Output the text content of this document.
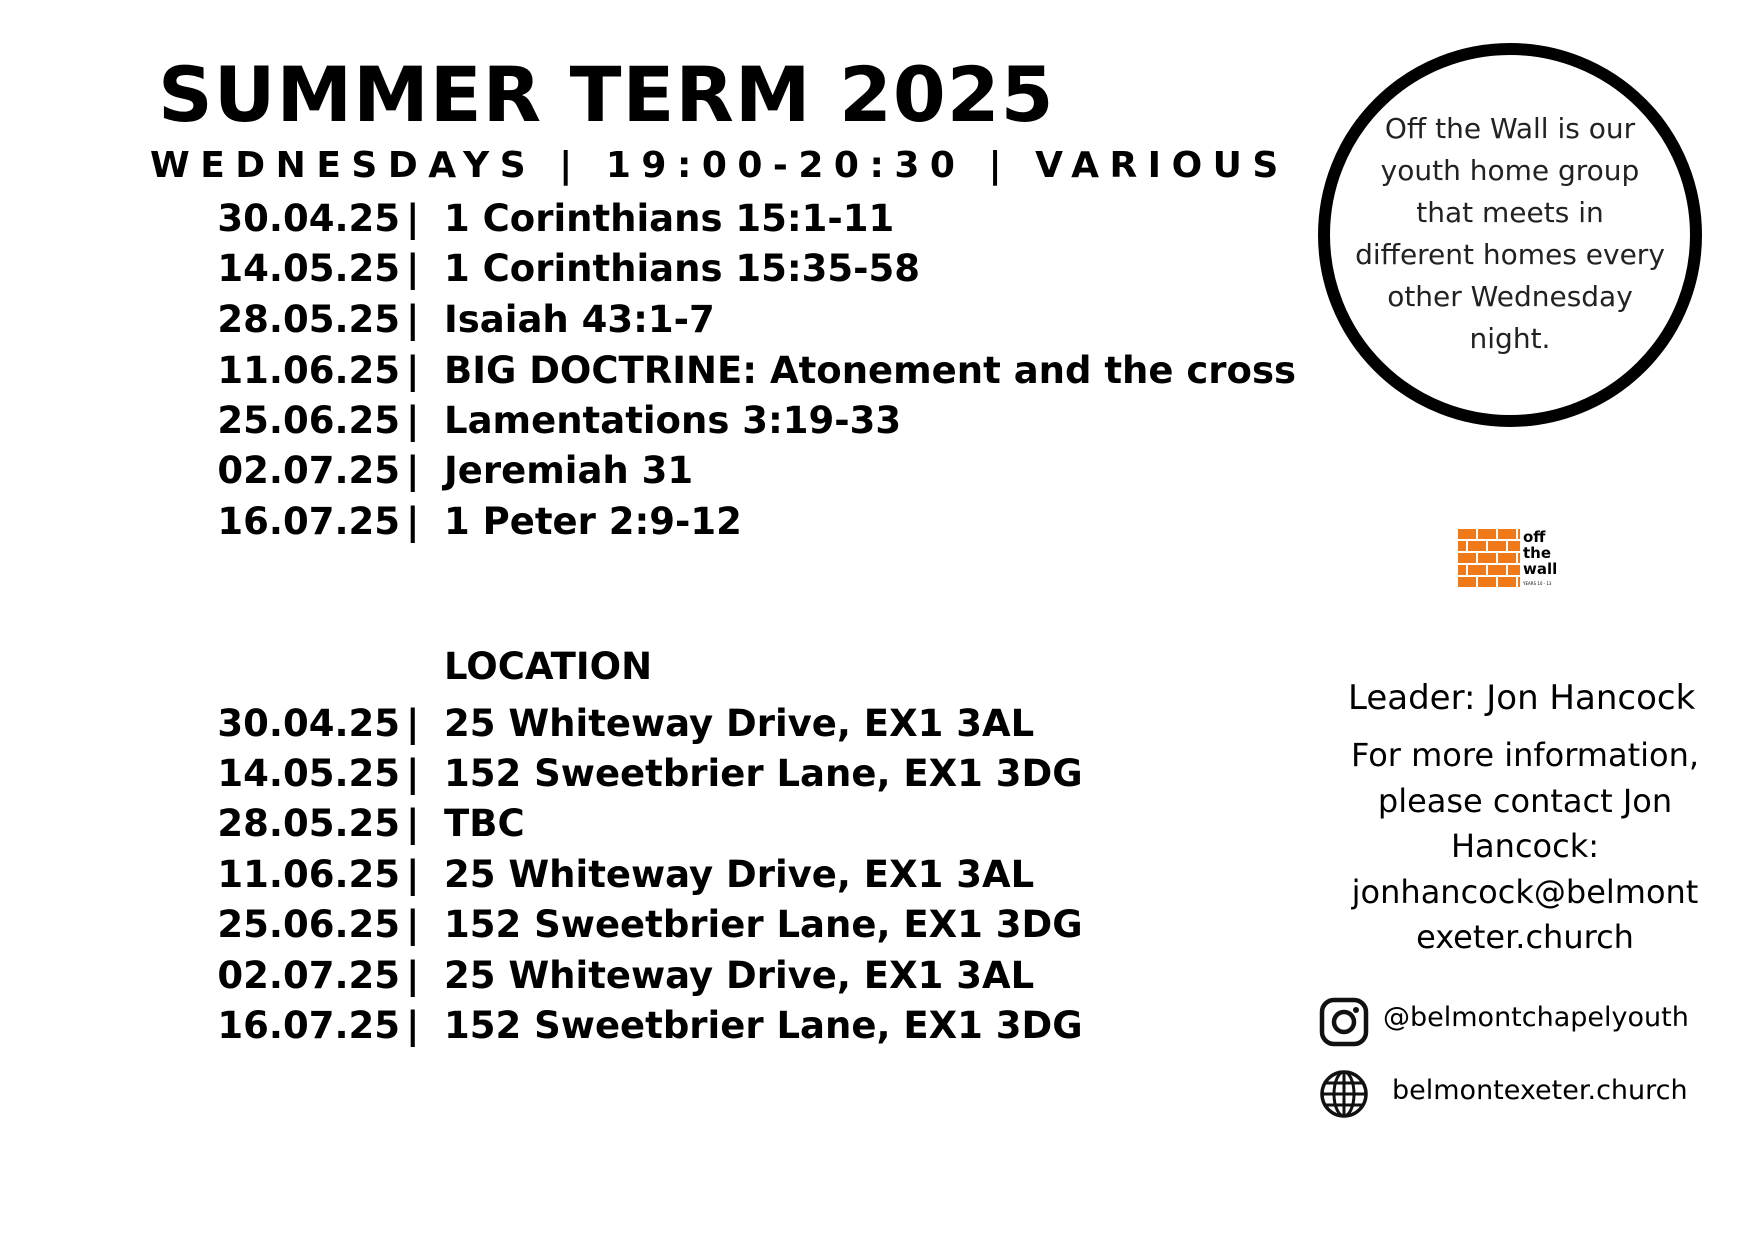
SUMMER TERM 2025
WEDNESDAYS | 19:00-20:30 | VARIOUS
30.04.25 | 1 Corinthians 15:1-11
14.05.25 | 1 Corinthians 15:35-58
28.05.25 | Isaiah 43:1-7
11.06.25 | BIG DOCTRINE: Atonement and the cross
25.06.25 | Lamentations 3:19-33
02.07.25 | Jeremiah 31
16.07.25 | 1 Peter 2:9-12
LOCATION
30.04.25 | 25 Whiteway Drive, EX1 3AL
14.05.25 | 152 Sweetbrier Lane, EX1 3DG
28.05.25 | TBC
11.06.25 | 25 Whiteway Drive, EX1 3AL
25.06.25 | 152 Sweetbrier Lane, EX1 3DG
02.07.25 | 25 Whiteway Drive, EX1 3AL
16.07.25 | 152 Sweetbrier Lane, EX1 3DG
Off the Wall is our
youth home group
that meets in
different homes every
other Wednesday
night.
off
the
wall
YEARS 10 - 13
Leader: Jon Hancock
For more information,
please contact Jon
Hancock:
jonhancock@belmont
exeter.church
@belmontchapelyouth
belmontexeter.church
